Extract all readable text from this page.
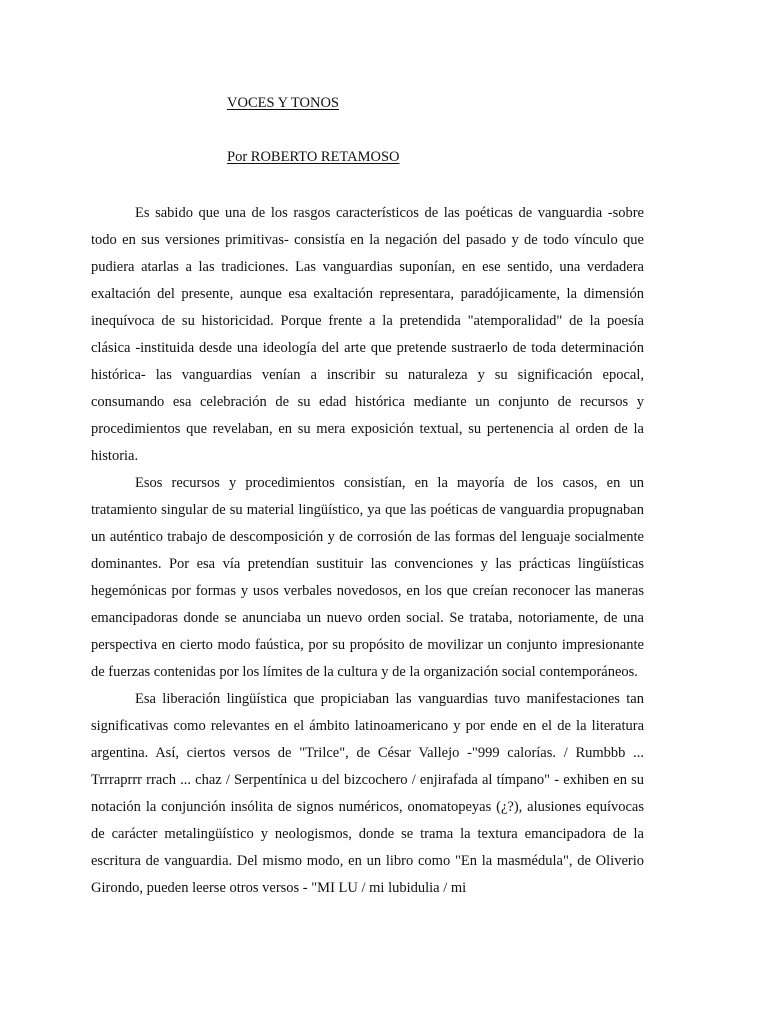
VOCES Y TONOS
Por ROBERTO RETAMOSO

Es sabido que una de los rasgos característicos de las poéticas de vanguardia -sobre todo en sus versiones primitivas- consistía en la negación del pasado y de todo vínculo que pudiera atarlas a las tradiciones. Las vanguardias suponían, en ese sentido, una verdadera exaltación del presente, aunque esa exaltación representara, paradójicamente, la dimensión inequívoca de su historicidad. Porque frente a la pretendida "atemporalidad" de la poesía clásica -instituida desde una ideología del arte que pretende sustraerlo de toda determinación histórica- las vanguardias venían a inscribir su naturaleza y su significación epocal, consumando esa celebración de su edad histórica mediante un conjunto de recursos y procedimientos que revelaban, en su mera exposición textual, su pertenencia al orden de la historia.

Esos recursos y procedimientos consistían, en la mayoría de los casos, en un tratamiento singular de su material lingüístico, ya que las poéticas de vanguardia propugnaban un auténtico trabajo de descomposición y de corrosión de las formas del lenguaje socialmente dominantes. Por esa vía pretendían sustituir las convenciones y las prácticas lingüísticas hegemónicas por formas y usos verbales novedosos, en los que creían reconocer las maneras emancipadoras donde se anunciaba un nuevo orden social. Se trataba, notoriamente, de una perspectiva en cierto modo faústica, por su propósito de movilizar un conjunto impresionante de fuerzas contenidas por los límites de la cultura y de la organización social contemporáneos.

Esa liberación lingüística que propiciaban las vanguardias tuvo manifestaciones tan significativas como relevantes en el ámbito latinoamericano y por ende en el de la literatura argentina. Así, ciertos versos de "Trilce", de César Vallejo -"999 calorías. / Rumbbb ... Trrraprrr rrach ... chaz / Serpentínica u del bizcochero / enjirafada al tímpano" - exhiben en su notación la conjunción insólita de signos numéricos, onomatopeyas (¿?), alusiones equívocas de carácter metalingüístico y neologismos, donde se trama la textura emancipadora de la escritura de vanguardia. Del mismo modo, en un libro como "En la masmédula", de Oliverio Girondo, pueden leerse otros versos - "MI LU / mi lubidulia / mi
